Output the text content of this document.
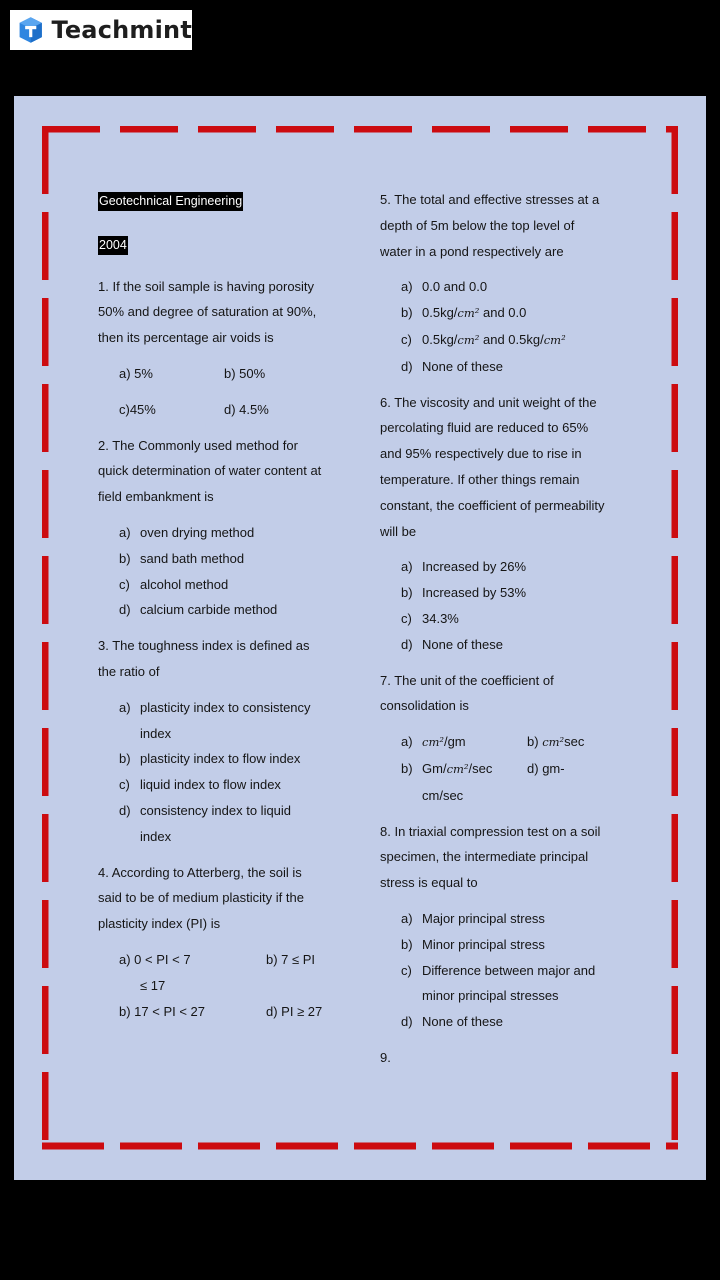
Teachmint
Geotechnical Engineering
2004

1. If the soil sample is having porosity

50% and degree of saturation at 90%,

then its percentage air voids is

a) 5%	b) 50%
c)45%	d) 4.5%

2. The Commonly used method for

quick determination of water content at

field embankment is

a) oven drying method
b) sand bath method
c) alcohol method
d) calcium carbide method

3. The toughness index is defined as

the ratio of

a) plasticity index to consistency
index
b) plasticity index to flow index
c) liquid index to flow index
d) consistency index to liquid
index

4. According to Atterberg, the soil is

said to be of medium plasticity if the

plasticity index (PI) is

a) 0 < PI < 7	b) 7 ≤ PI
≤ 17
b) 17 < PI < 27	d) PI ≥ 27

5. The total and effective stresses at a

depth of 5m below the top level of

water in a pond respectively are

a) 0.0 and 0.0
b) 0.5kg/cm² and 0.0
c) 0.5kg/cm² and 0.5kg/cm²
d) None of these

6. The viscosity and unit weight of the

percolating fluid are reduced to 65%

and 95% respectively due to rise in

temperature. If other things remain

constant, the coefficient of permeability

will be

a) Increased by 26%
b) Increased by 53%
c) 34.3%
d) None of these

7. The unit of the coefficient of

consolidation is

a) cm²/gm	b) cm²sec
b) Gm/cm²/sec	d) gm-
cm/sec

8. In triaxial compression test on a soil

specimen, the intermediate principal

stress is equal to

a) Major principal stress
b) Minor principal stress
c) Difference between major and
minor principal stresses
d) None of these
9.
